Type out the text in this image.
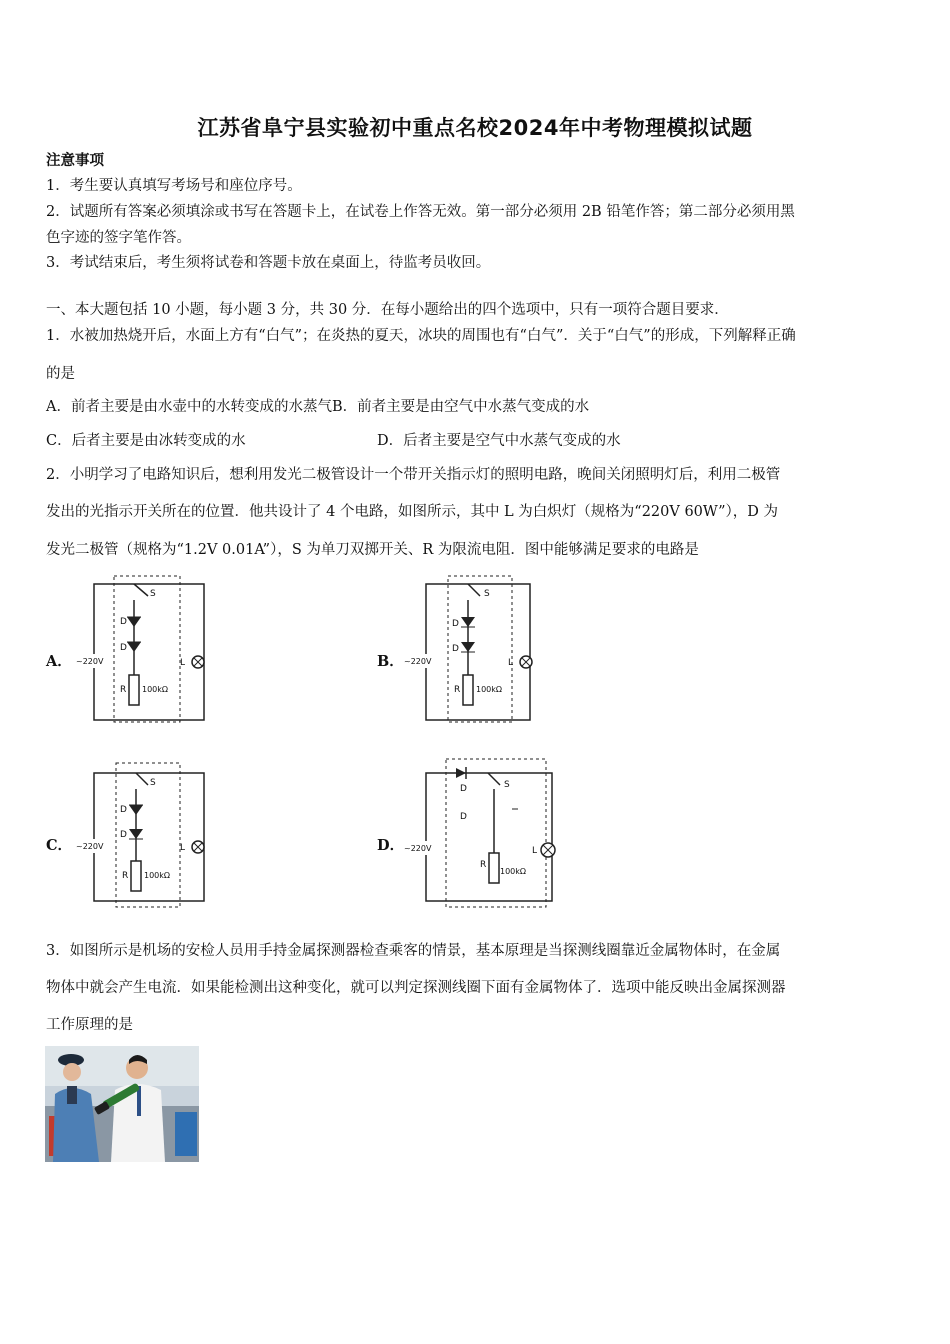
江苏省阜宁县实验初中重点名校2024年中考物理模拟试题
注意事项
1．考生要认真填写考场号和座位序号。
2．试题所有答案必须填涂或书写在答题卡上，在试卷上作答无效。第一部分必须用 2B 铅笔作答；第二部分必须用黑
色字迹的签字笔作答。
3．考试结束后，考生须将试卷和答题卡放在桌面上，待监考员收回。
一、本大题包括 10 小题，每小题 3 分，共 30 分．在每小题给出的四个选项中，只有一项符合题目要求．
1．水被加热烧开后，水面上方有“白气”；在炎热的夏天，冰块的周围也有“白气”．关于“白气”的形成，下列解释正确
的是
A．前者主要是由水壶中的水转变成的水蒸气B．前者主要是由空气中水蒸气变成的水
C．后者主要是由冰转变成的水	D．后者主要是空气中水蒸气变成的水
2．小明学习了电路知识后，想利用发光二极管设计一个带开关指示灯的照明电路，晚间关闭照明灯后，利用二极管
发出的光指示开关所在的位置．他共设计了 4 个电路，如图所示，其中 L 为白炽灯（规格为“220V 60W”），D 为
发光二极管（规格为“1.2V 0.01A”），S 为单刀双掷开关、R 为限流电阻．图中能够满足要求的电路是
A．	B．
C．	D．
S
D
D
~220V
R 100kΩ
L
S
D
D
~220V
R 100kΩ
L
S
D
D
~220V
R 100kΩ
L
S
D
D
~220V
R
100kΩ
L
3．如图所示是机场的安检人员用手持金属探测器检查乘客的情景，基本原理是当探测线圈靠近金属物体时，在金属
物体中就会产生电流．如果能检测出这种变化，就可以判定探测线圈下面有金属物体了．选项中能反映出金属探测器
工作原理的是
